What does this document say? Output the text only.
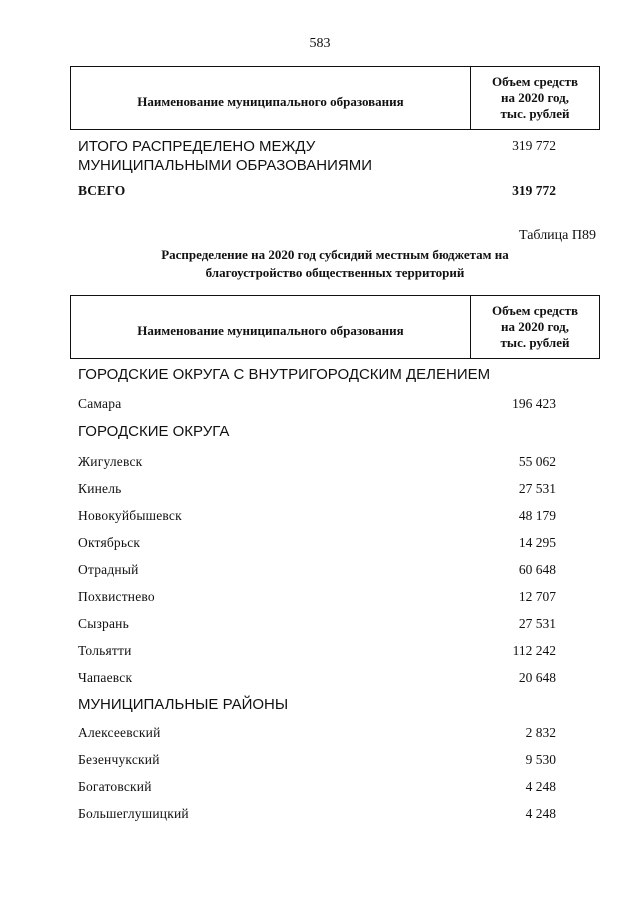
583
Наименование муниципального образования
Объем средств
на 2020 год,
тыс. рублей
ИТОГО РАСПРЕДЕЛЕНО МЕЖДУ
МУНИЦИПАЛЬНЫМИ ОБРАЗОВАНИЯМИ
319 772
ВСЕГО	319 772
Таблица П89
Распределение на 2020 год субсидий местным бюджетам на
благоустройство общественных территорий
Наименование муниципального образования
Объем средств
на 2020 год,
тыс. рублей
ГОРОДСКИЕ ОКРУГА С ВНУТРИГОРОДСКИМ ДЕЛЕНИЕМ
Самара	196 423
ГОРОДСКИЕ ОКРУГА
Жигулевск	55 062
Кинель	27 531
Новокуйбышевск	48 179
Октябрьск	14 295
Отрадный	60 648
Похвистнево	12 707
Сызрань	27 531
Тольятти	112 242
Чапаевск	20 648
МУНИЦИПАЛЬНЫЕ РАЙОНЫ
Алексеевский	2 832
Безенчукский	9 530
Богатовский	4 248
Большеглушицкий	4 248
